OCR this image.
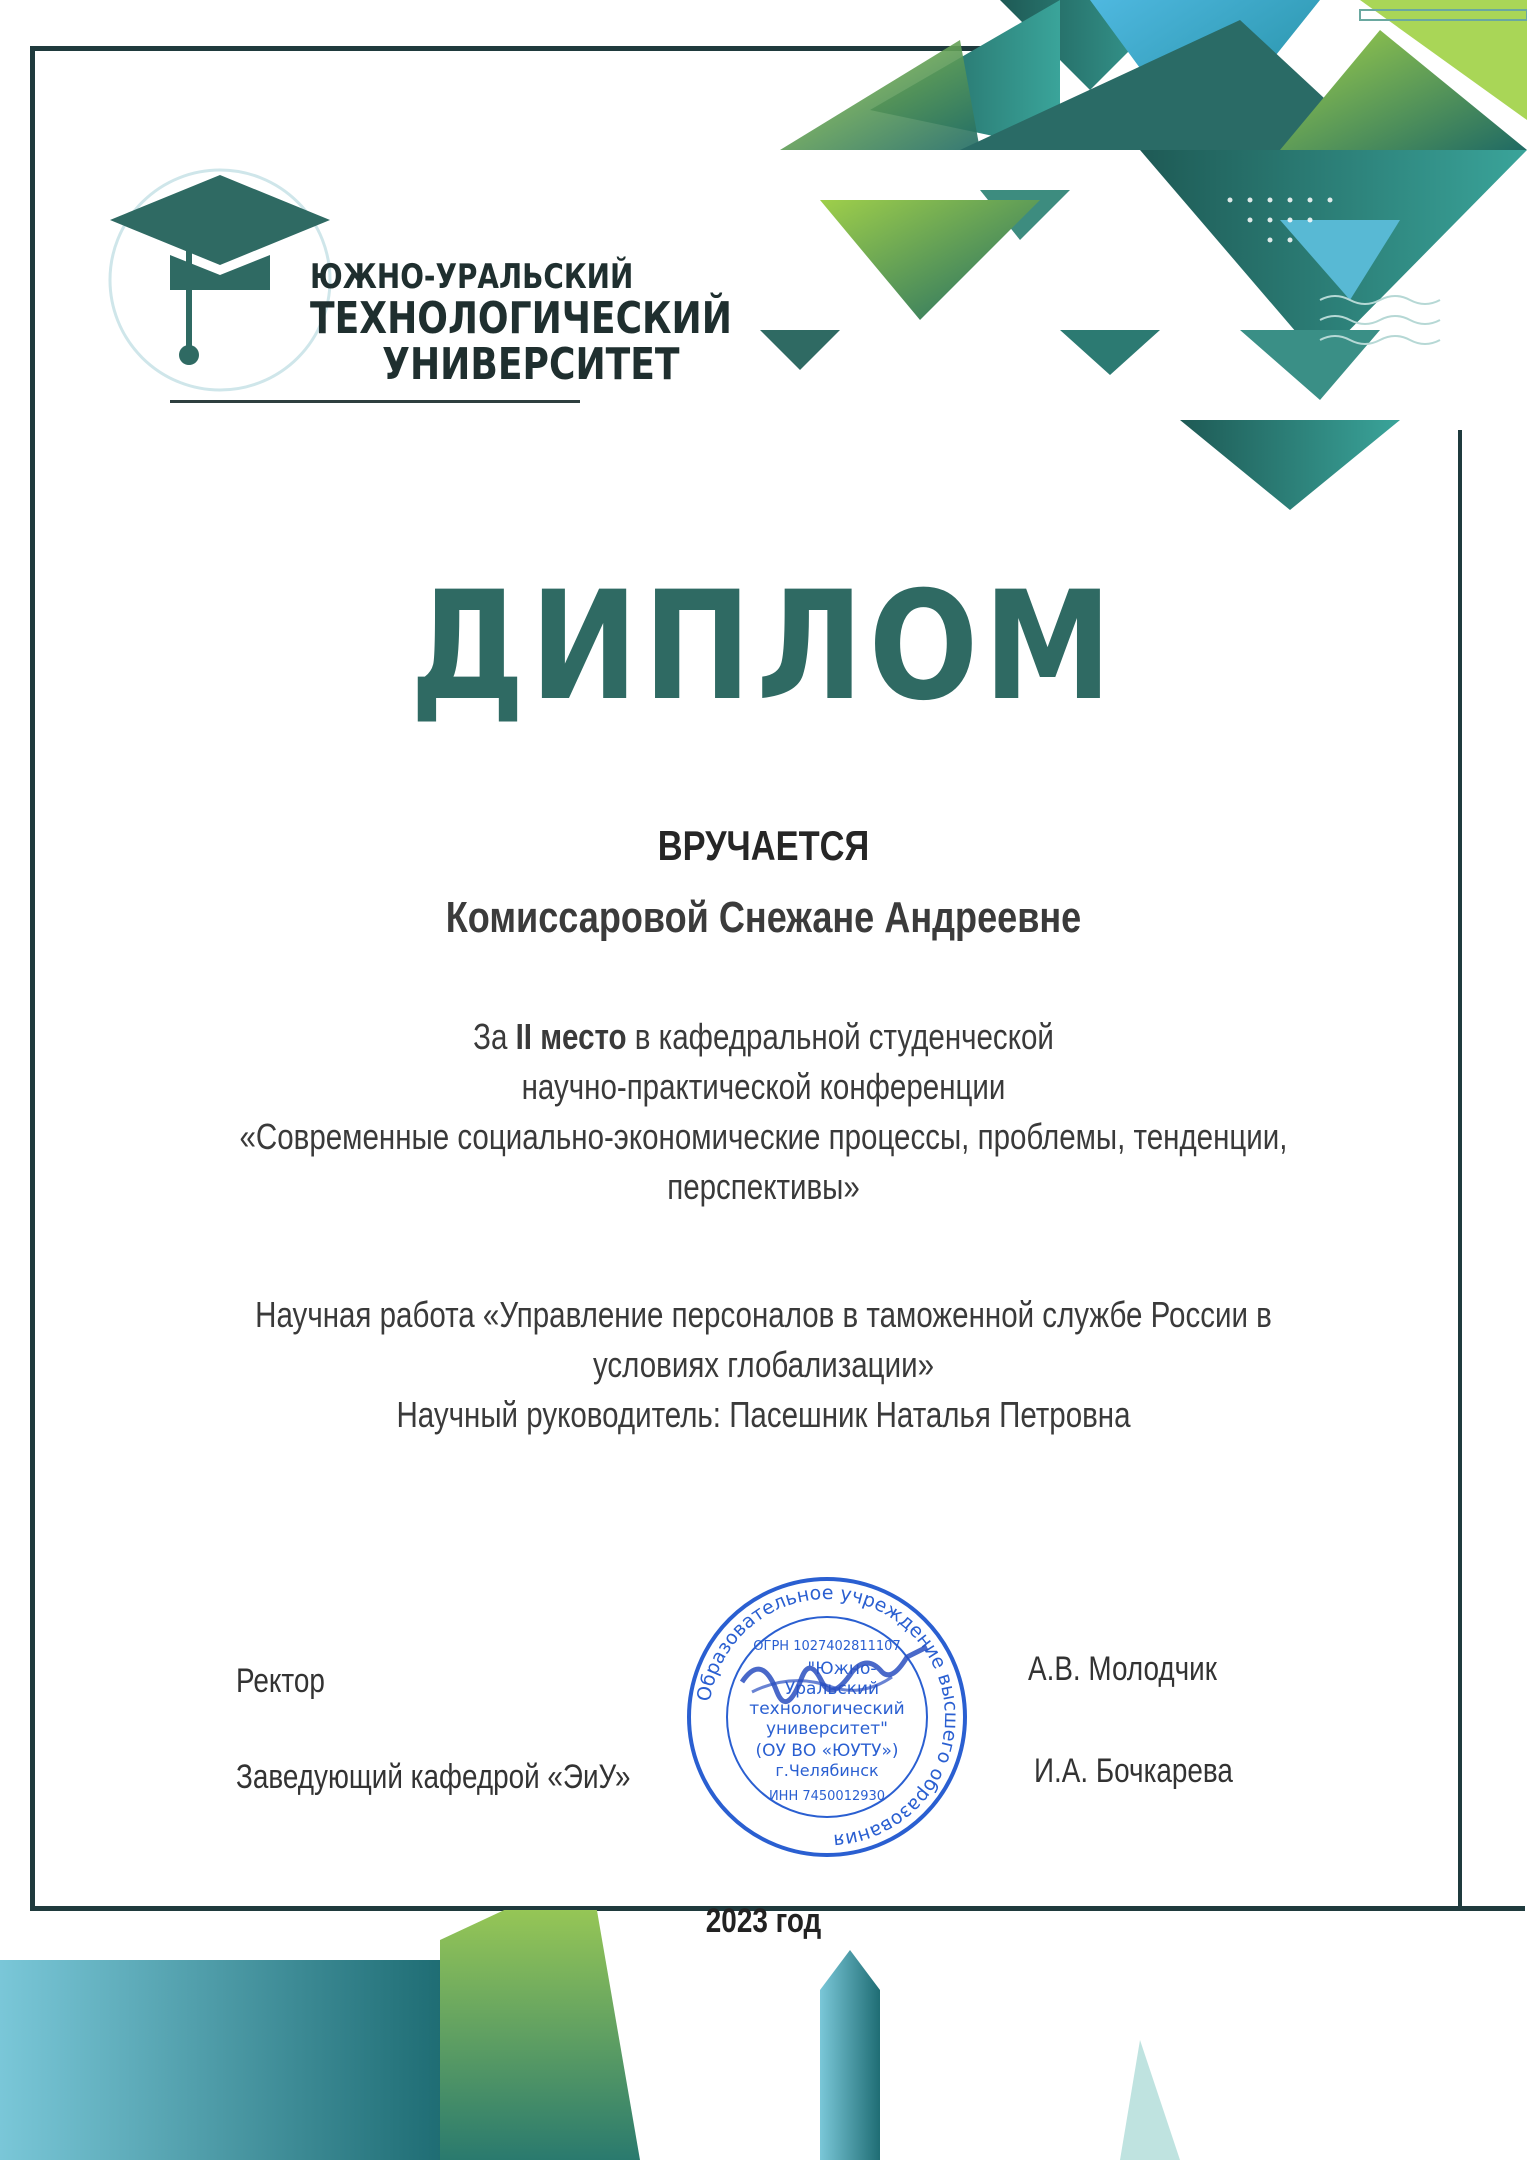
ЮЖНО-УРАЛЬСКИЙ
ТЕХНОЛОГИЧЕСКИЙ
УНИВЕРСИТЕТ
ДИПЛОМ
ВРУЧАЕТСЯ
Комиссаровой Снежане Андреевне
За II место в кафедральной студенческой
научно-практической конференции
«Современные социально-экономические процессы, проблемы, тенденции,
перспективы»
Научная работа «Управление персоналов в таможенной службе России в
условиях глобализации»
Научный руководитель: Пасешник Наталья Петровна
Ректор	А.В. Молодчик
Заведующий кафедрой «ЭиУ»	И.А. Бочкарева
Образовательное учреждение высшего образования
ОГРН 1027402811107
"Южно-
Уральский
технологический
университет"
(ОУ ВО «ЮУТУ»)
г.Челябинск
ИНН 7450012930
2023 год
